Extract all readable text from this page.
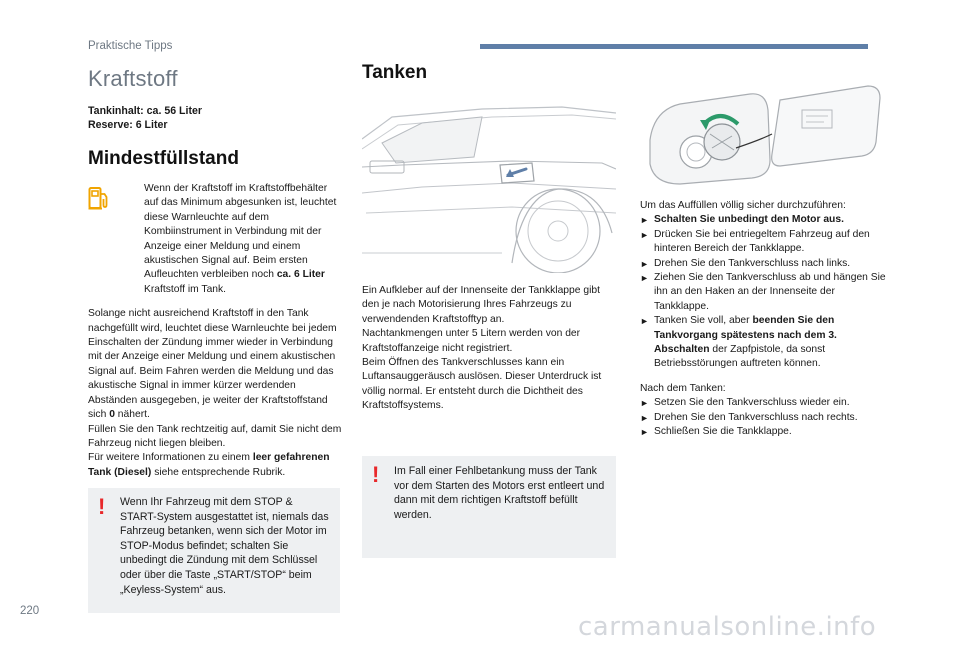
Praktische Tipps
Kraftstoff
Tankinhalt: ca. 56 Liter
Reserve: 6 Liter
Mindestfüllstand
Wenn der Kraftstoff im Kraftstoffbehälter auf das Minimum abgesunken ist, leuchtet diese Warnleuchte auf dem Kombiinstrument in Verbindung mit der Anzeige einer Meldung und einem akustischen Signal auf. Beim ersten Aufleuchten verbleiben noch ca. 6 Liter Kraftstoff im Tank.

Solange nicht ausreichend Kraftstoff in den Tank nachgefüllt wird, leuchtet diese Warnleuchte bei jedem Einschalten der Zündung immer wieder in Verbindung mit der Anzeige einer Meldung und einem akustischen Signal auf. Beim Fahren werden die Meldung und das akustische Signal in immer kürzer werdenden Abständen ausgegeben, je weiter der Kraftstoffstand sich 0 nähert.
Füllen Sie den Tank rechtzeitig auf, damit Sie nicht dem Fahrzeug nicht liegen bleiben.
Für weitere Informationen zu einem leer gefahrenen Tank (Diesel) siehe entsprechende Rubrik.

! Wenn Ihr Fahrzeug mit dem STOP & START-System ausgestattet ist, niemals das Fahrzeug betanken, wenn sich der Motor im STOP-Modus befindet; schalten Sie unbedingt die Zündung mit dem Schlüssel oder über die Taste „START/STOP“ beim „Keyless-System“ aus.
Tanken

Ein Aufkleber auf der Innenseite der Tankklappe gibt den je nach Motorisierung Ihres Fahrzeugs zu verwendenden Kraftstofftyp an.

Nachtankmengen unter 5 Litern werden von der Kraftstoffanzeige nicht registriert.

Beim Öffnen des Tankverschlusses kann ein Luftansauggeräusch auslösen. Dieser Unterdruck ist völlig normal. Er entsteht durch die Dichtheit des Kraftstoffsystems.

! Im Fall einer Fehlbetankung muss der Tank vor dem Starten des Motors erst entleert und dann mit dem richtigen Kraftstoff befüllt werden.

Um das Auffüllen völlig sicher durchzuführen:

► Schalten Sie unbedingt den Motor aus.
► Drücken Sie bei entriegeltem Fahrzeug auf den hinteren Bereich der Tankklappe.
► Drehen Sie den Tankverschluss nach links.
► Ziehen Sie den Tankverschluss ab und hängen Sie ihn an den Haken an der Innenseite der Tankklappe.
► Tanken Sie voll, aber beenden Sie den Tankvorgang spätestens nach dem 3. Abschalten der Zapfpistole, da sonst Betriebsstörungen auftreten können.

Nach dem Tanken:

► Setzen Sie den Tankverschluss wieder ein.
► Drehen Sie den Tankverschluss nach rechts.
► Schließen Sie die Tankklappe.
220
carmanualsonline.info
